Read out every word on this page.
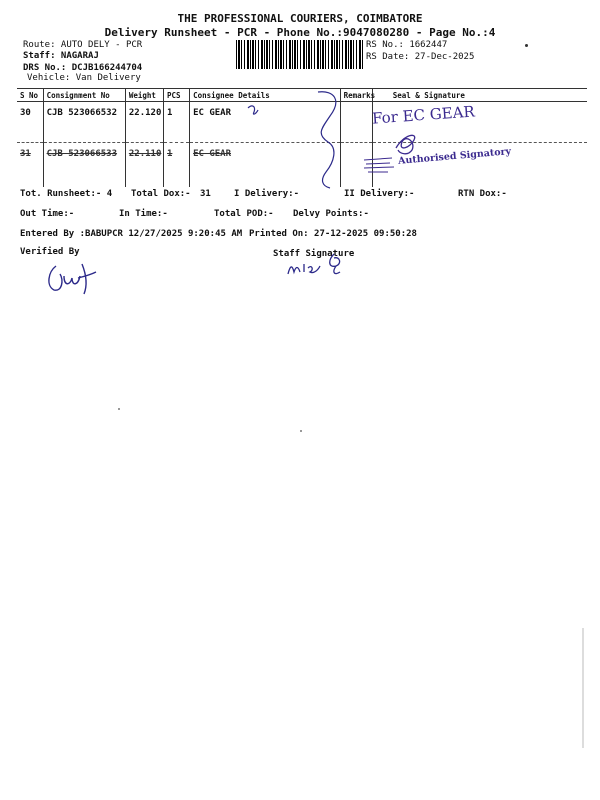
THE PROFESSIONAL COURIERS, COIMBATORE
Delivery Runsheet - PCR - Phone No.:9047080280 - Page No.:4
Route: AUTO DELY - PCR
Staff: NAGARAJ
DRS No.: DCJB166244704
Vehicle: Van Delivery
RS No.: 1662447
RS Date: 27-Dec-2025
S No	Consignment No	Weight	PCS	Consignee Details	Remarks	Seal & Signature
30	CJB 523066532	22.120	1	EC GEAR		
31	CJB 523066533	22.110	1	EC GEAR		
For EC GEAR
Authorised Signatory
Tot. Runsheet:- 4 Total Dox:- 31	I Delivery:-	II Delivery:-	RTN Dox:-
Out Time:-	In Time:-	Total POD:- Delvy Points:-
Entered By :BABUPCR 12/27/2025 9:20:45 AM Printed On: 27-12-2025 09:50:28
Verified By	Staff Signature
